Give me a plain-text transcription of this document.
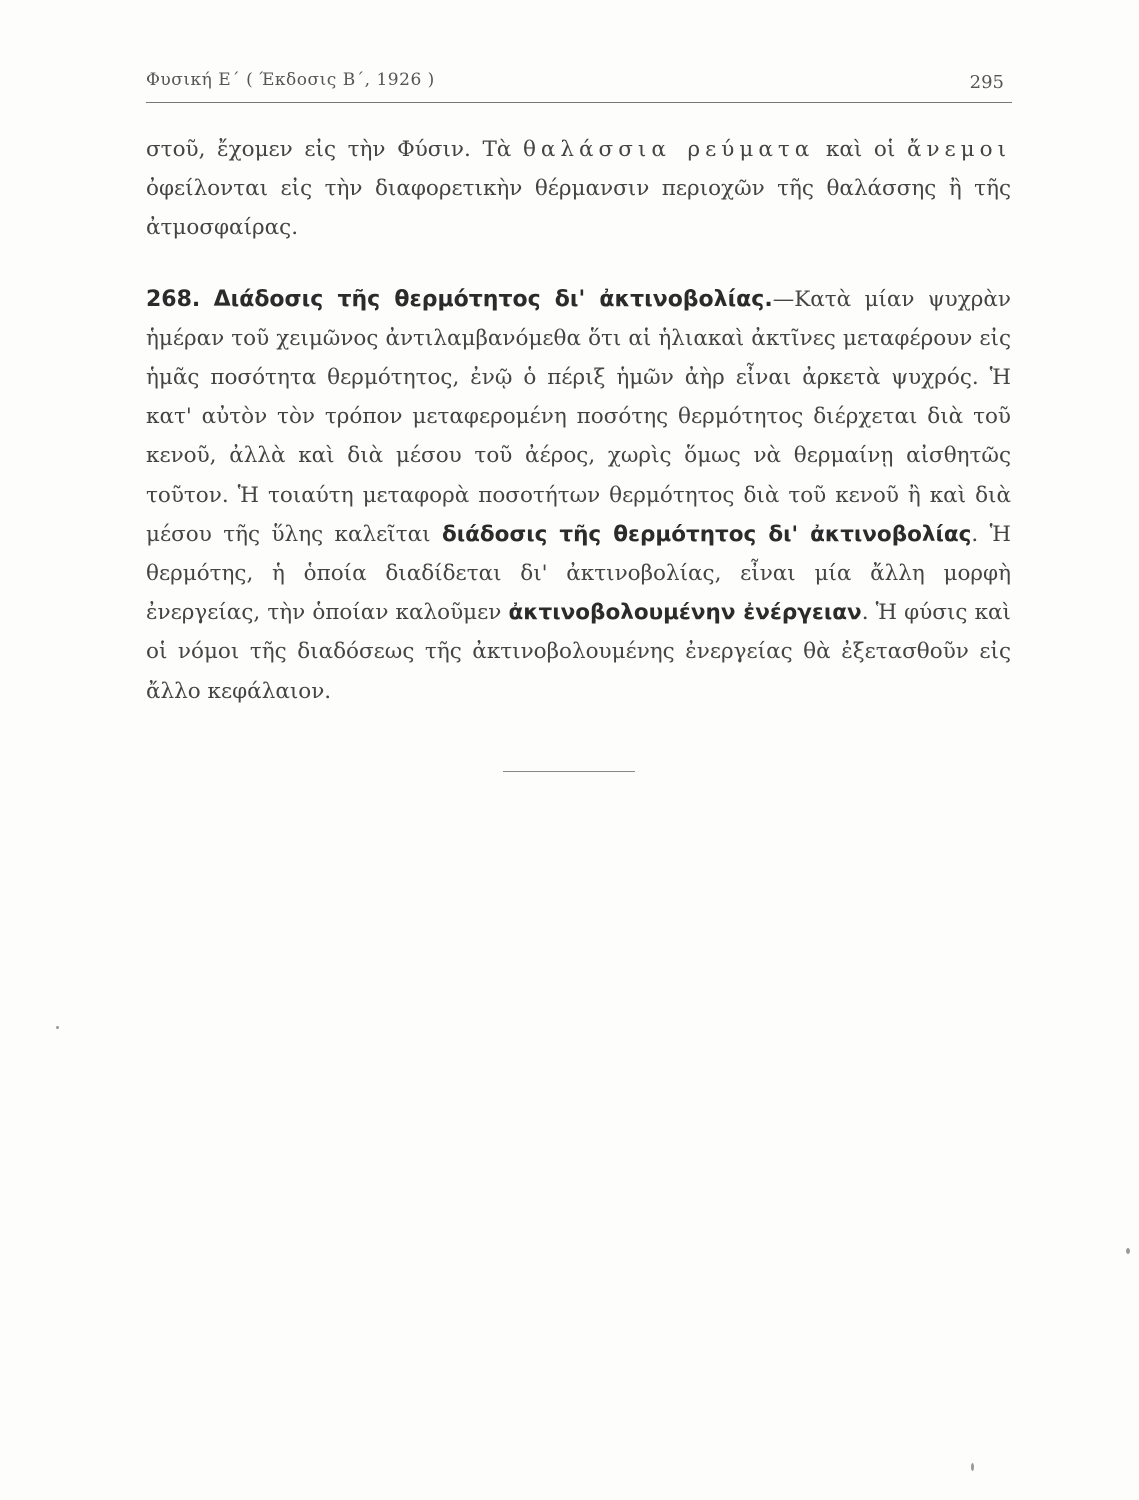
Φυσική Ε΄ ( Έκδοσις Β΄, 1926 )	295

στοῦ, ἔχομεν εἰς τὴν Φύσιν. Τὰ θαλάσσια ρεύματα καὶ οἱ ἄνεμοι ὀφείλονται εἰς τὴν διαφορετικὴν θέρμανσιν περιοχῶν τῆς θαλάσσης ἢ τῆς ἀτμοσφαίρας.

268. Διάδοσις τῆς θερμότητος δι' ἀκτινοβολίας.—Κατὰ μίαν ψυχρὰν ἡμέραν τοῦ χειμῶνος ἀντιλαμβανόμεθα ὅτι αἱ ἡλιακαὶ ἀκτῖνες μεταφέρουν εἰς ἡμᾶς ποσότητα θερμότητος, ἐνῷ ὁ πέριξ ἡμῶν ἀὴρ εἶναι ἀρκετὰ ψυχρός. Ἡ κατ' αὐτὸν τὸν τρόπον μεταφερομένη ποσότης θερμότητος διέρχεται διὰ τοῦ κενοῦ, ἀλλὰ καὶ διὰ μέσου τοῦ ἀέρος, χωρὶς ὅμως νὰ θερμαίνῃ αἰσθητῶς τοῦτον. Ἡ τοιαύτη μεταφορὰ ποσοτήτων θερμότητος διὰ τοῦ κενοῦ ἢ καὶ διὰ μέσου τῆς ὕλης καλεῖται διάδοσις τῆς θερμότητος δι' ἀκτινοβολίας. Ἡ θερμότης, ἡ ὁποία διαδίδεται δι' ἀκτινοβολίας, εἶναι μία ἄλλη μορφὴ ἐνεργείας, τὴν ὁποίαν καλοῦμεν ἀκτινοβολουμένην ἐνέργειαν. Ἡ φύσις καὶ οἱ νόμοι τῆς διαδόσεως τῆς ἀκτινοβολουμένης ἐνεργείας θὰ ἐξετασθοῦν εἰς ἄλλο κεφάλαιον.
